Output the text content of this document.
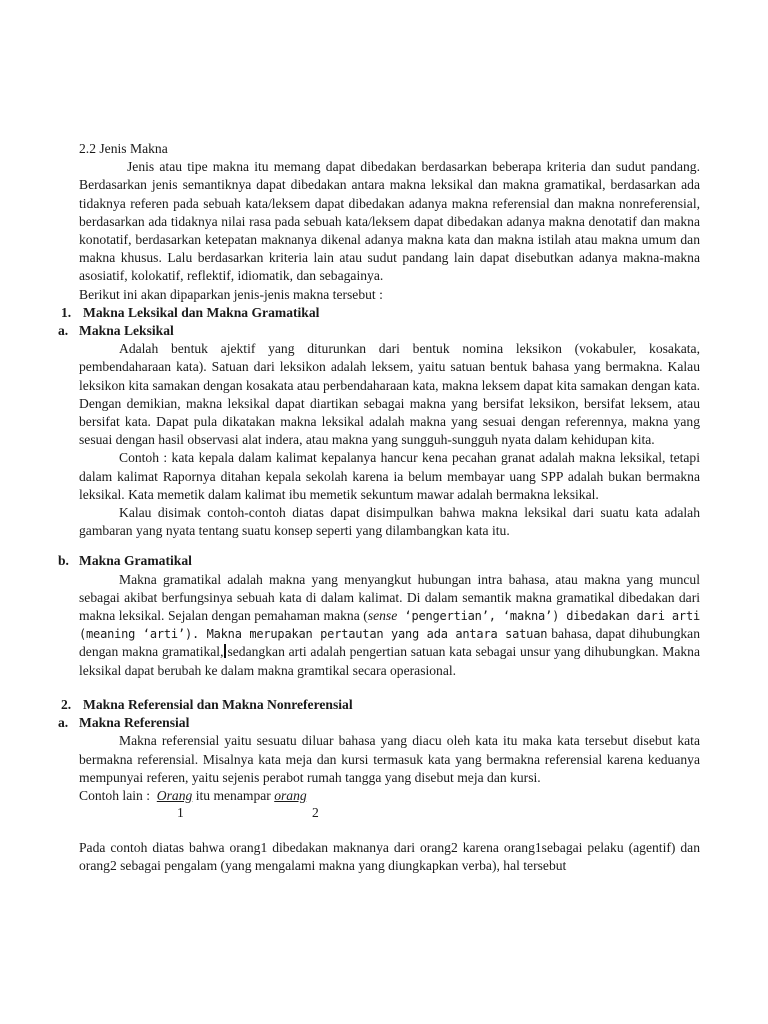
2.2 Jenis Makna

Jenis atau tipe makna itu memang dapat dibedakan berdasarkan beberapa kriteria dan sudut pandang. Berdasarkan jenis semantiknya dapat dibedakan antara makna leksikal dan makna gramatikal, berdasarkan ada tidaknya referen pada sebuah kata/leksem dapat dibedakan adanya makna referensial dan makna nonreferensial, berdasarkan ada tidaknya nilai rasa pada sebuah kata/leksem dapat dibedakan adanya makna denotatif dan makna konotatif, berdasarkan ketepatan maknanya dikenal adanya makna kata dan makna istilah atau makna umum dan makna khusus. Lalu berdasarkan kriteria lain atau sudut pandang lain dapat disebutkan adanya makna-makna asosiatif, kolokatif, reflektif, idiomatik, dan sebagainya.

Berikut ini akan dipaparkan jenis-jenis makna tersebut :

1. Makna Leksikal dan Makna Gramatikal
a. Makna Leksikal

Adalah bentuk ajektif yang diturunkan dari bentuk nomina leksikon (vokabuler, kosakata, pembendaharaan kata). Satuan dari leksikon adalah leksem, yaitu satuan bentuk bahasa yang bermakna. Kalau leksikon kita samakan dengan kosakata atau perbendaharaan kata, makna leksem dapat kita samakan dengan kata. Dengan demikian, makna leksikal dapat diartikan sebagai makna yang bersifat leksikon, bersifat leksem, atau bersifat kata. Dapat pula dikatakan makna leksikal adalah makna yang sesuai dengan referennya, makna yang sesuai dengan hasil observasi alat indera, atau makna yang sungguh-sungguh nyata dalam kehidupan kita.

Contoh : kata kepala dalam kalimat kepalanya hancur kena pecahan granat adalah makna leksikal, tetapi dalam kalimat Rapornya ditahan kepala sekolah karena ia belum membayar uang SPP adalah bukan bermakna leksikal. Kata memetik dalam kalimat ibu memetik sekuntum mawar adalah bermakna leksikal.

Kalau disimak contoh-contoh diatas dapat disimpulkan bahwa makna leksikal dari suatu kata adalah gambaran yang nyata tentang suatu konsep seperti yang dilambangkan kata itu.

b. Makna Gramatikal

Makna gramatikal adalah makna yang menyangkut hubungan intra bahasa, atau makna yang muncul sebagai akibat berfungsinya sebuah kata di dalam kalimat. Di dalam semantik makna gramatikal dibedakan dari makna leksikal. Sejalan dengan pemahaman makna (sense ‘pengertian’, ‘makna’) dibedakan dari arti (meaning ‘arti’). Makna merupakan pertautan yang ada antara satuan bahasa, dapat dihubungkan dengan makna gramatikal, sedangkan arti adalah pengertian satuan kata sebagai unsur yang dihubungkan. Makna leksikal dapat berubah ke dalam makna gramtikal secara operasional.

2. Makna Referensial dan Makna Nonreferensial
a. Makna Referensial

Makna referensial yaitu sesuatu diluar bahasa yang diacu oleh kata itu maka kata tersebut disebut kata bermakna referensial. Misalnya kata meja dan kursi termasuk kata yang bermakna referensial karena keduanya mempunyai referen, yaitu sejenis perabot rumah tangga yang disebut meja dan kursi.

Contoh lain : Orang itu menampar orang
1	2

Pada contoh diatas bahwa orang1 dibedakan maknanya dari orang2 karena orang1sebagai pelaku (agentif) dan orang2 sebagai pengalam (yang mengalami makna yang diungkapkan verba), hal tersebut
